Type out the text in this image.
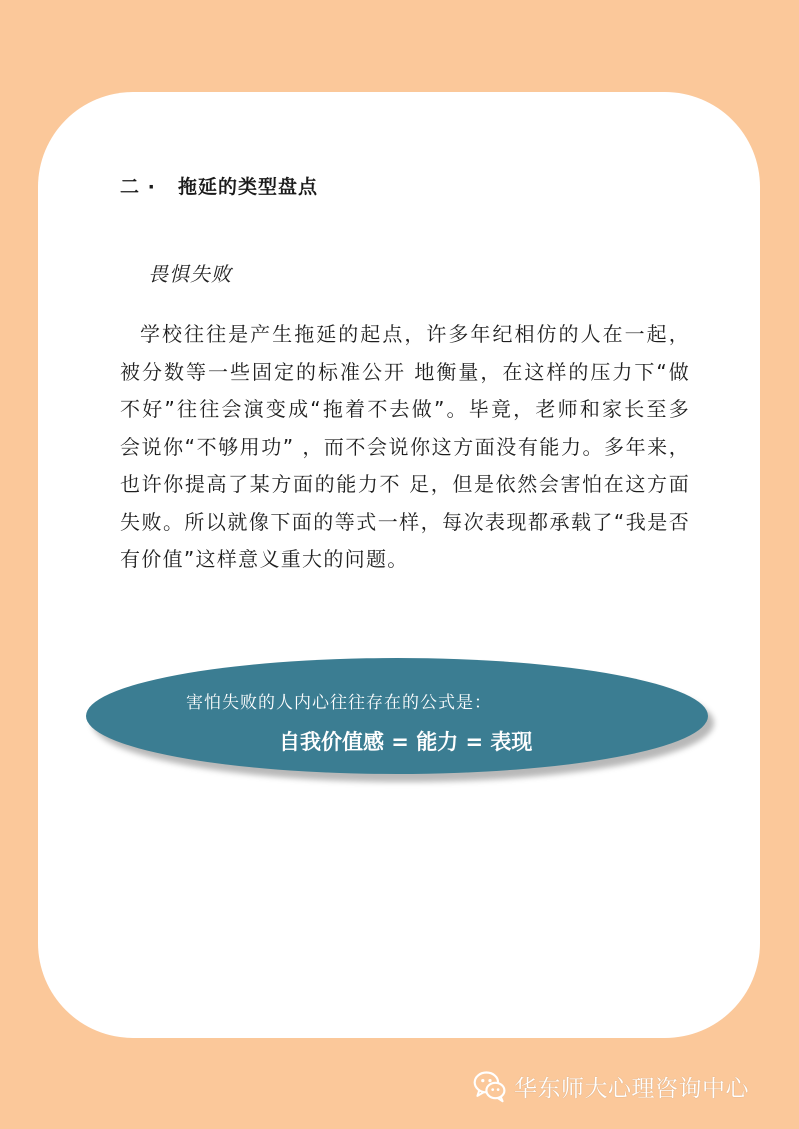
二 · 拖延的类型盘点
畏惧失败

学校往往是产生拖延的起点，许多年纪相仿的人在一起，被分数等一些固定的标准公开 地衡量，在这样的压力下“做不好”往往会演变成“拖着不去做”。毕竟，老师和家长至多 会说你“不够用功” ，而不会说你这方面没有能力。多年来，也许你提高了某方面的能力不 足，但是依然会害怕在这方面失败。所以就像下面的等式一样，每次表现都承载了“我是否 有价值”这样意义重大的问题。

害怕失败的人内心往往存在的公式是：
自我价值感 = 能力 = 表现
华东师大心理咨询中心
